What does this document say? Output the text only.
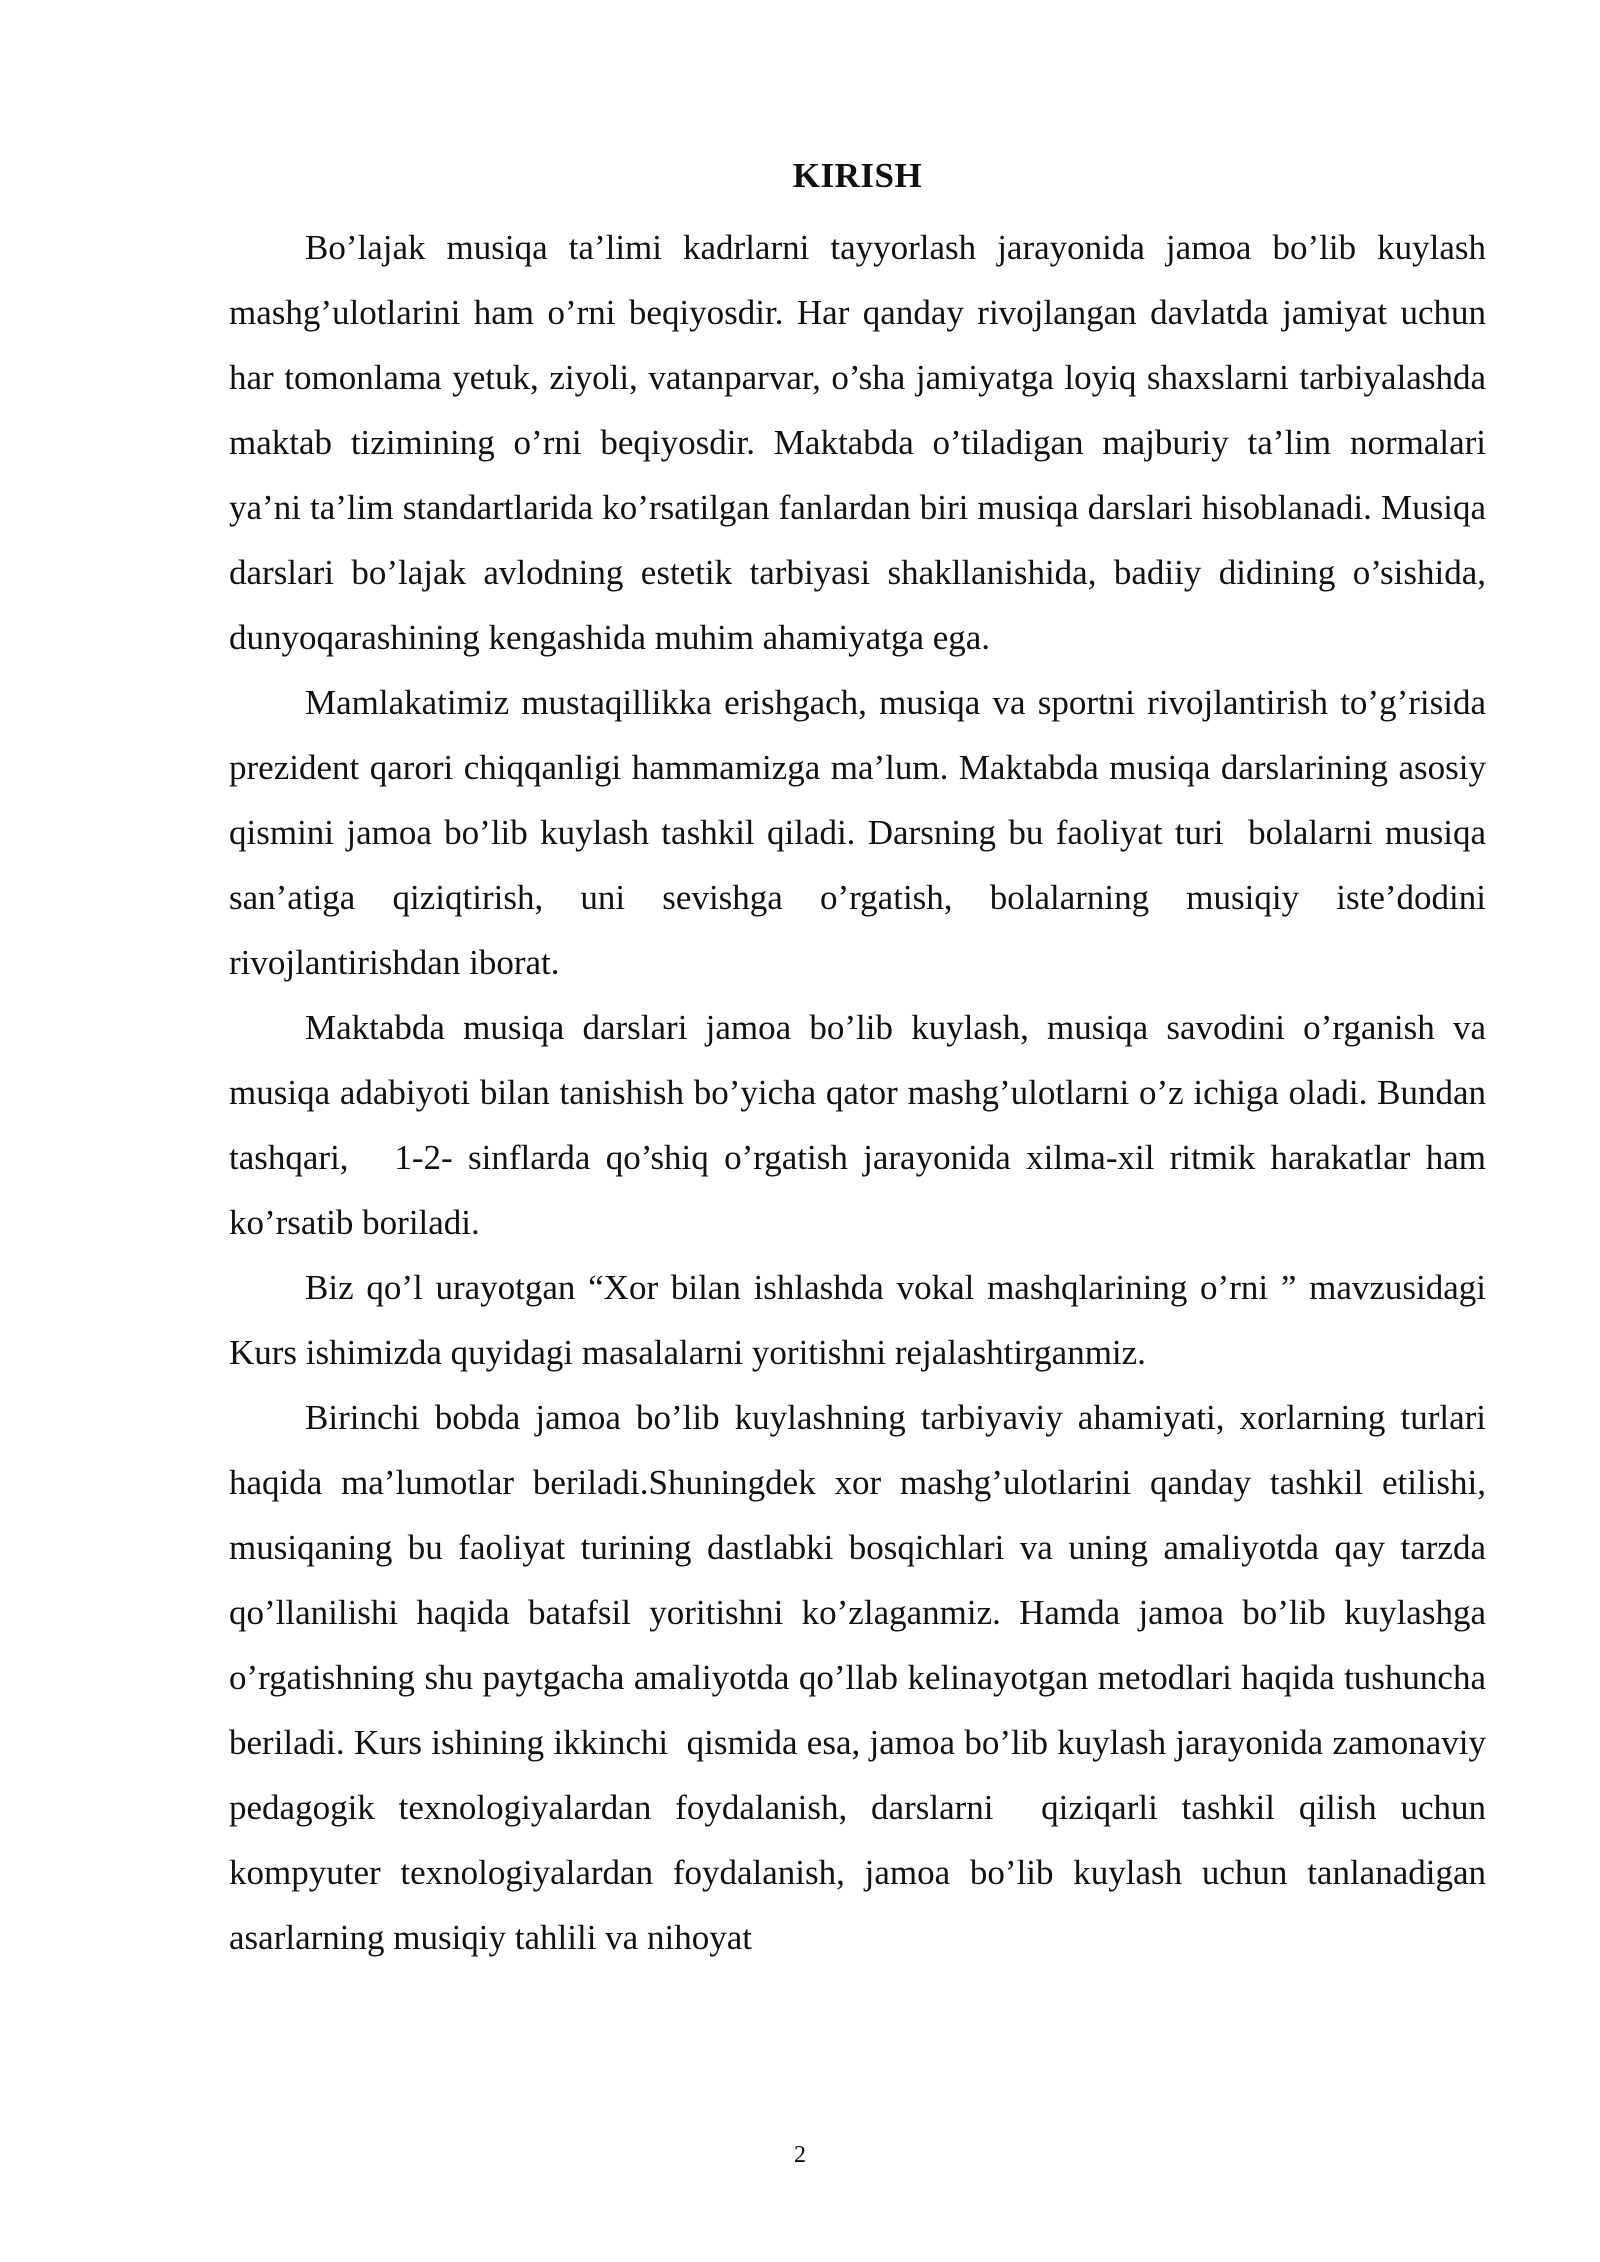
KIRISH

Bo’lajak musiqa ta’limi kadrlarni tayyorlash jarayonida jamoa bo’lib kuylash mashg’ulotlarini ham o’rni beqiyosdir. Har qanday rivojlangan davlatda jamiyat uchun har tomonlama yetuk, ziyoli, vatanparvar, o’sha jamiyatga loyiq shaxslarni tarbiyalashda maktab tizimining o’rni beqiyosdir. Maktabda o’tiladigan majburiy ta’lim normalari ya’ni ta’lim standartlarida ko’rsatilgan fanlardan biri musiqa darslari hisoblanadi. Musiqa darslari bo’lajak avlodning estetik tarbiyasi shakllanishida, badiiy didining o’sishida, dunyoqarashining kengashida muhim ahamiyatga ega.

Mamlakatimiz mustaqillikka erishgach, musiqa va sportni rivojlantirish to’g’risida prezident qarori chiqqanligi hammamizga ma’lum. Maktabda musiqa darslarining asosiy  qismini jamoa bo’lib kuylash tashkil qiladi. Darsning bu faoliyat turi  bolalarni musiqa san’atiga qiziqtirish, uni sevishga o’rgatish, bolalarning musiqiy iste’dodini rivojlantirishdan iborat.

Maktabda musiqa darslari jamoa bo’lib kuylash, musiqa savodini o’rganish va musiqa adabiyoti bilan tanishish bo’yicha qator mashg’ulotlarni o’z ichiga oladi. Bundan tashqari,   1-2- sinflarda qo’shiq o’rgatish jarayonida xilma-xil ritmik harakatlar ham ko’rsatib boriladi.

Biz qo’l urayotgan “Xor bilan ishlashda vokal mashqlarining o’rni ” mavzusidagi Kurs ishimizda quyidagi masalalarni yoritishni rejalashtirganmiz.

Birinchi bobda jamoa bo’lib kuylashning tarbiyaviy ahamiyati, xorlarning turlari haqida ma’lumotlar beriladi.Shuningdek xor mashg’ulotlarini qanday tashkil etilishi, musiqaning bu faoliyat turining dastlabki bosqichlari va uning amaliyotda qay tarzda qo’llanilishi haqida batafsil yoritishni ko’zlaganmiz. Hamda jamoa bo’lib kuylashga o’rgatishning shu paytgacha amaliyotda qo’llab kelinayotgan metodlari haqida tushuncha beriladi. Kurs ishining ikkinchi  qismida esa, jamoa bo’lib kuylash jarayonida zamonaviy pedagogik texnologiyalardan foydalanish, darslarni  qiziqarli tashkil qilish uchun kompyuter texnologiyalardan foydalanish, jamoa bo’lib kuylash uchun tanlanadigan asarlarning musiqiy tahlili va nihoyat

2
